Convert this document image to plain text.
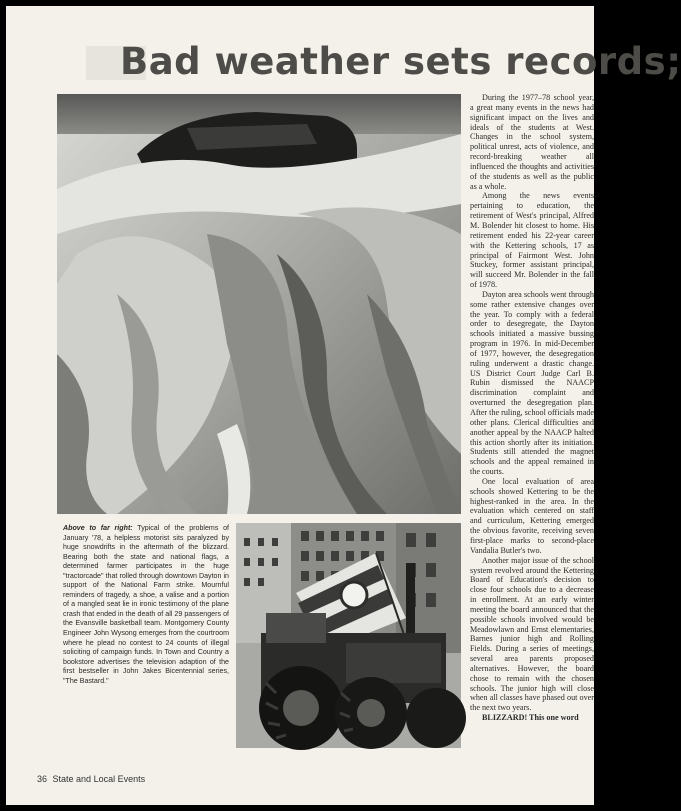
Bad weather sets records;

Above to far right: Typical of the problems of January '78, a helpless motorist sits paralyzed by huge snowdrifts in the aftermath of the blizzard. Bearing both the state and national flags, a determined farmer participates in the huge "tractorcade" that rolled through downtown Dayton in support of the National Farm strike. Mournful reminders of tragedy, a shoe, a valise and a portion of a mangled seat lie in ironic testimony of the plane crash that ended in the death of all 29 passengers of the Evansville basketball team. Montgomery County Engineer John Wysong emerges from the courtroom where he plead no contest to 24 counts of illegal soliciting of campaign funds. In Town and Country a bookstore advertises the television adaption of the first bestseller in John Jakes Bicentennial series, "The Bastard."

During the 1977–78 school year, a great many events in the news had significant impact on the lives and ideals of the students at West. Changes in the school system, political unrest, acts of violence, and record-breaking weather all influenced the thoughts and activities of the students as well as the public as a whole.

Among the news events pertaining to education, the retirement of West's principal, Alfred M. Bolender hit closest to home. His retirement ended his 22-year career with the Kettering schools, 17 as principal of Fairmont West. John Stuckey, former assistant principal, will succeed Mr. Bolender in the fall of 1978.

Dayton area schools went through some rather extensive changes over the year. To comply with a federal order to desegregate, the Dayton schools initiated a massive bussing program in 1976. In mid-December of 1977, however, the desegregation ruling underwent a drastic change. US District Court Judge Carl B. Rubin dismissed the NAACP discrimination complaint and overturned the desegregation plan. After the ruling, school officials made other plans. Clerical difficulties and another appeal by the NAACP halted this action shortly after its initiation. Students still attended the magnet schools and the appeal remained in the courts.

One local evaluation of area schools showed Kettering to be the highest-ranked in the area. In the evaluation which centered on staff and curriculum, Kettering emerged the obvious favorite, receiving seven first-place marks to second-place Vandalia Butler's two.

Another major issue of the school system revolved around the Kettering Board of Education's decision to close four schools due to a decrease in enrollment. At an early winter meeting the board announced that the possible schools involved would be Meadowlawn and Ernst elementaries, Barnes junior high and Rolling Fields. During a series of meetings, several area parents proposed alternatives. However, the board chose to remain with the chosen schools. The junior high will close when all classes have phased out over the next two years.

BLIZZARD! This one word

36 State and Local Events
